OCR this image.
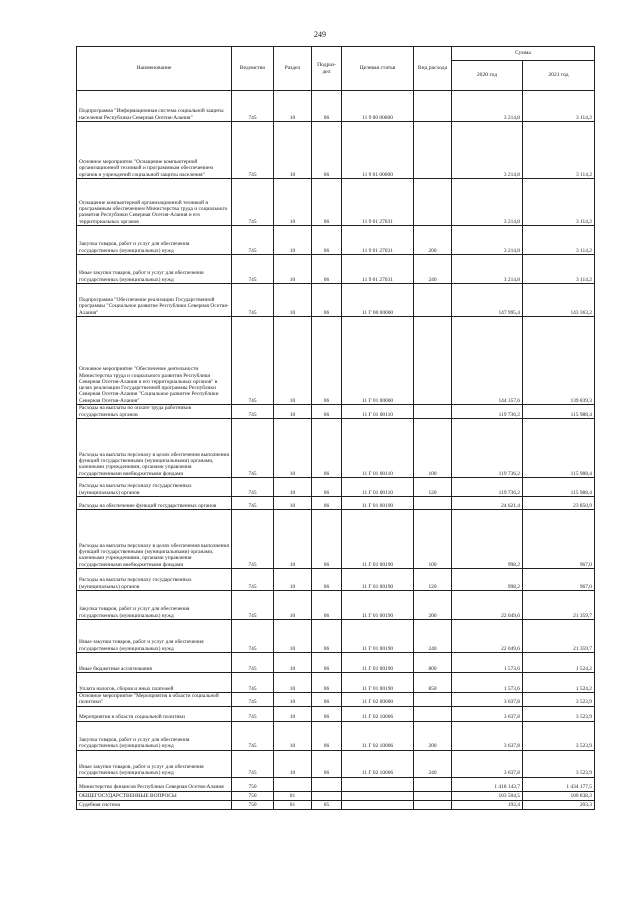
249
Наименование	Ведомство	Раздел	Подраз-дел	Целевая статья	Вид расхода	Сумма	
						2020 год	2021 год
Подпрограмма "Информационная система социальной защиты населения Республики Северная Осетия-Алания"	745	10	06	11 9 00 00000		3 214,8	3 114,2
Основное мероприятие "Оснащение компьютерной организационной техникой и программным обеспечением органов и учреждений социальной защиты населения"	745	10	06	11 9 01 00000		3 214,8	3 114,2
Оснащение компьютерной организационной техникой и программным обеспечением Министерства труда и социального развития Республики Северная Осетия-Алания и его территориальных органов	745	10	06	11 9 01 27031		3 214,8	3 114,2
Закупка товаров, работ и услуг для обеспечения государственных (муниципальных) нужд	745	10	06	11 9 01 27031	200	3 214,8	3 114,2
Иные закупки товаров, работ и услуг для обеспечения государственных (муниципальных) нужд	745	10	06	11 9 01 27031	240	3 214,8	3 114,2
Подпрограмма "Обеспечение реализации Государственной программы "Социальное развитие Республики Северная Осетия-Алания"	745	10	06	11 Г 00 00000		147 995,4	143 363,2
Основное мероприятие "Обеспечение деятельности Министерства труда и социального развития Республики Северная Осетия-Алания и его территориальных органов" в целях реализации Государственной программы Республики Северная Осетия-Алания "Социальное развитие Республики Северная Осетия-Алания"	745	10	06	11 Г 01 00000		144 357,6	139 839,3
Расходы на выплаты по оплате труда работников государственных органов	745	10	06	11 Г 01 00110		119 736,2	115 988,4
Расходы на выплаты персоналу в целях обеспечения выполнения функций государственными (муниципальными) органами, казенными учреждениями, органами управления государственными внебюджетными фондами	745	10	06	11 Г 01 00110	100	119 736,2	115 988,4
Расходы на выплаты персоналу государственных (муниципальных) органов	745	10	06	11 Г 01 00110	120	119 736,2	115 988,4
Расходы на обеспечение функций государственных органов	745	10	06	11 Г 01 00190		24 621,4	23 850,9
Расходы на выплаты персоналу в целях обеспечения выполнения функций государственными (муниципальными) органами, казенными учреждениями, органами управления государственными внебюджетными фондами	745	10	06	11 Г 01 00190	100	998,2	967,0
Расходы на выплаты персоналу государственных (муниципальных) органов	745	10	06	11 Г 01 00190	120	998,2	967,0
Закупка товаров, работ и услуг для обеспечения государственных (муниципальных) нужд	745	10	06	11 Г 01 00190	200	22 049,6	21 359,7
Иные закупки товаров, работ и услуг для обеспечения государственных (муниципальных) нужд	745	10	06	11 Г 01 00190	240	22 049,6	21 359,7
Иные бюджетные ассигнования	745	10	06	11 Г 01 00190	800	1 573,6	1 524,2
Уплата налогов, сборов и иных платежей	745	10	06	11 Г 01 00190	850	1 573,6	1 524,2
Основное мероприятие "Мероприятия в области социальной политики"	745	10	06	11 Г 02 00000		3 637,8	3 523,9
Мероприятия в области социальной политики	745	10	06	11 Г 02 10006		3 637,8	3 523,9
Закупка товаров, работ и услуг для обеспечения государственных (муниципальных) нужд	745	10	06	11 Г 02 10006	200	3 637,8	3 523,9
Иные закупки товаров, работ и услуг для обеспечения государственных (муниципальных) нужд	745	10	06	11 Г 02 10006	240	3 637,8	3 523,9
Министерство финансов Республики Северная Осетия-Алания	750					1 418 143,7	1 434 177,5
ОБЩЕГОСУДАРСТВЕННЫЕ ВОПРОСЫ	750	01				103 504,5	100 838,3
Судебная система	750	01	05			192,4	203,3
